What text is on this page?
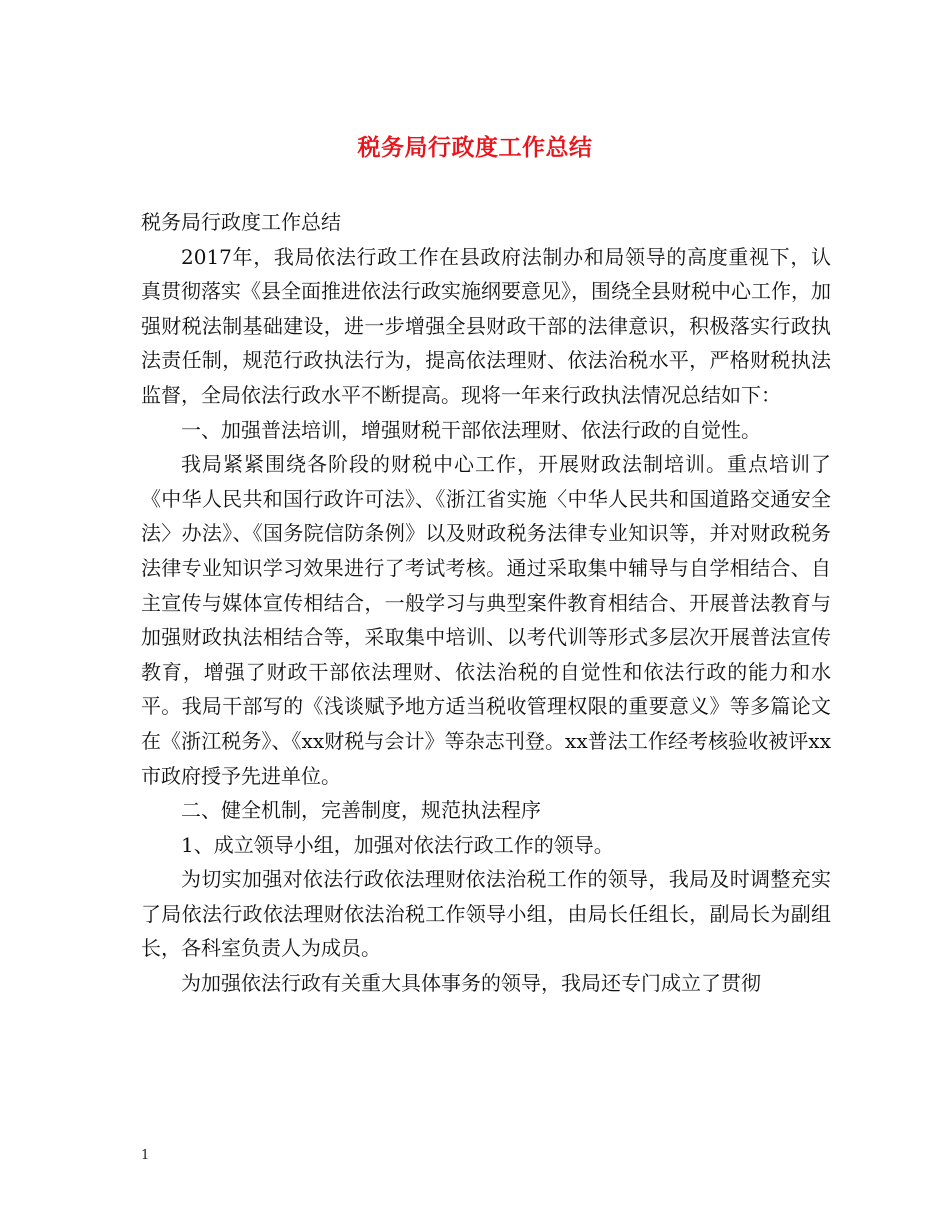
税务局行政度工作总结

税务局行政度工作总结

2017年，我局依法行政工作在县政府法制办和局领导的高度重视下，认真贯彻落实《县全面推进依法行政实施纲要意见》，围绕全县财税中心工作，加强财税法制基础建设，进一步增强全县财政干部的法律意识，积极落实行政执法责任制，规范行政执法行为，提高依法理财、依法治税水平，严格财税执法监督，全局依法行政水平不断提高。现将一年来行政执法情况总结如下：

一、加强普法培训，增强财税干部依法理财、依法行政的自觉性。

我局紧紧围绕各阶段的财税中心工作，开展财政法制培训。重点培训了《中华人民共和国行政许可法》、《浙江省实施〈中华人民共和国道路交通安全法〉办法》、《国务院信防条例》以及财政税务法律专业知识等，并对财政税务法律专业知识学习效果进行了考试考核。通过采取集中辅导与自学相结合、自主宣传与媒体宣传相结合，一般学习与典型案件教育相结合、开展普法教育与加强财政执法相结合等，采取集中培训、以考代训等形式多层次开展普法宣传教育，增强了财政干部依法理财、依法治税的自觉性和依法行政的能力和水平。我局干部写的《浅谈赋予地方适当税收管理权限的重要意义》等多篇论文在《浙江税务》、《xx财税与会计》等杂志刊登。xx普法工作经考核验收被评xx市政府授予先进单位。

二、健全机制，完善制度，规范执法程序

1、成立领导小组，加强对依法行政工作的领导。

为切实加强对依法行政依法理财依法治税工作的领导，我局及时调整充实了局依法行政依法理财依法治税工作领导小组，由局长任组长，副局长为副组长，各科室负责人为成员。

为加强依法行政有关重大具体事务的领导，我局还专门成立了贯彻

1
